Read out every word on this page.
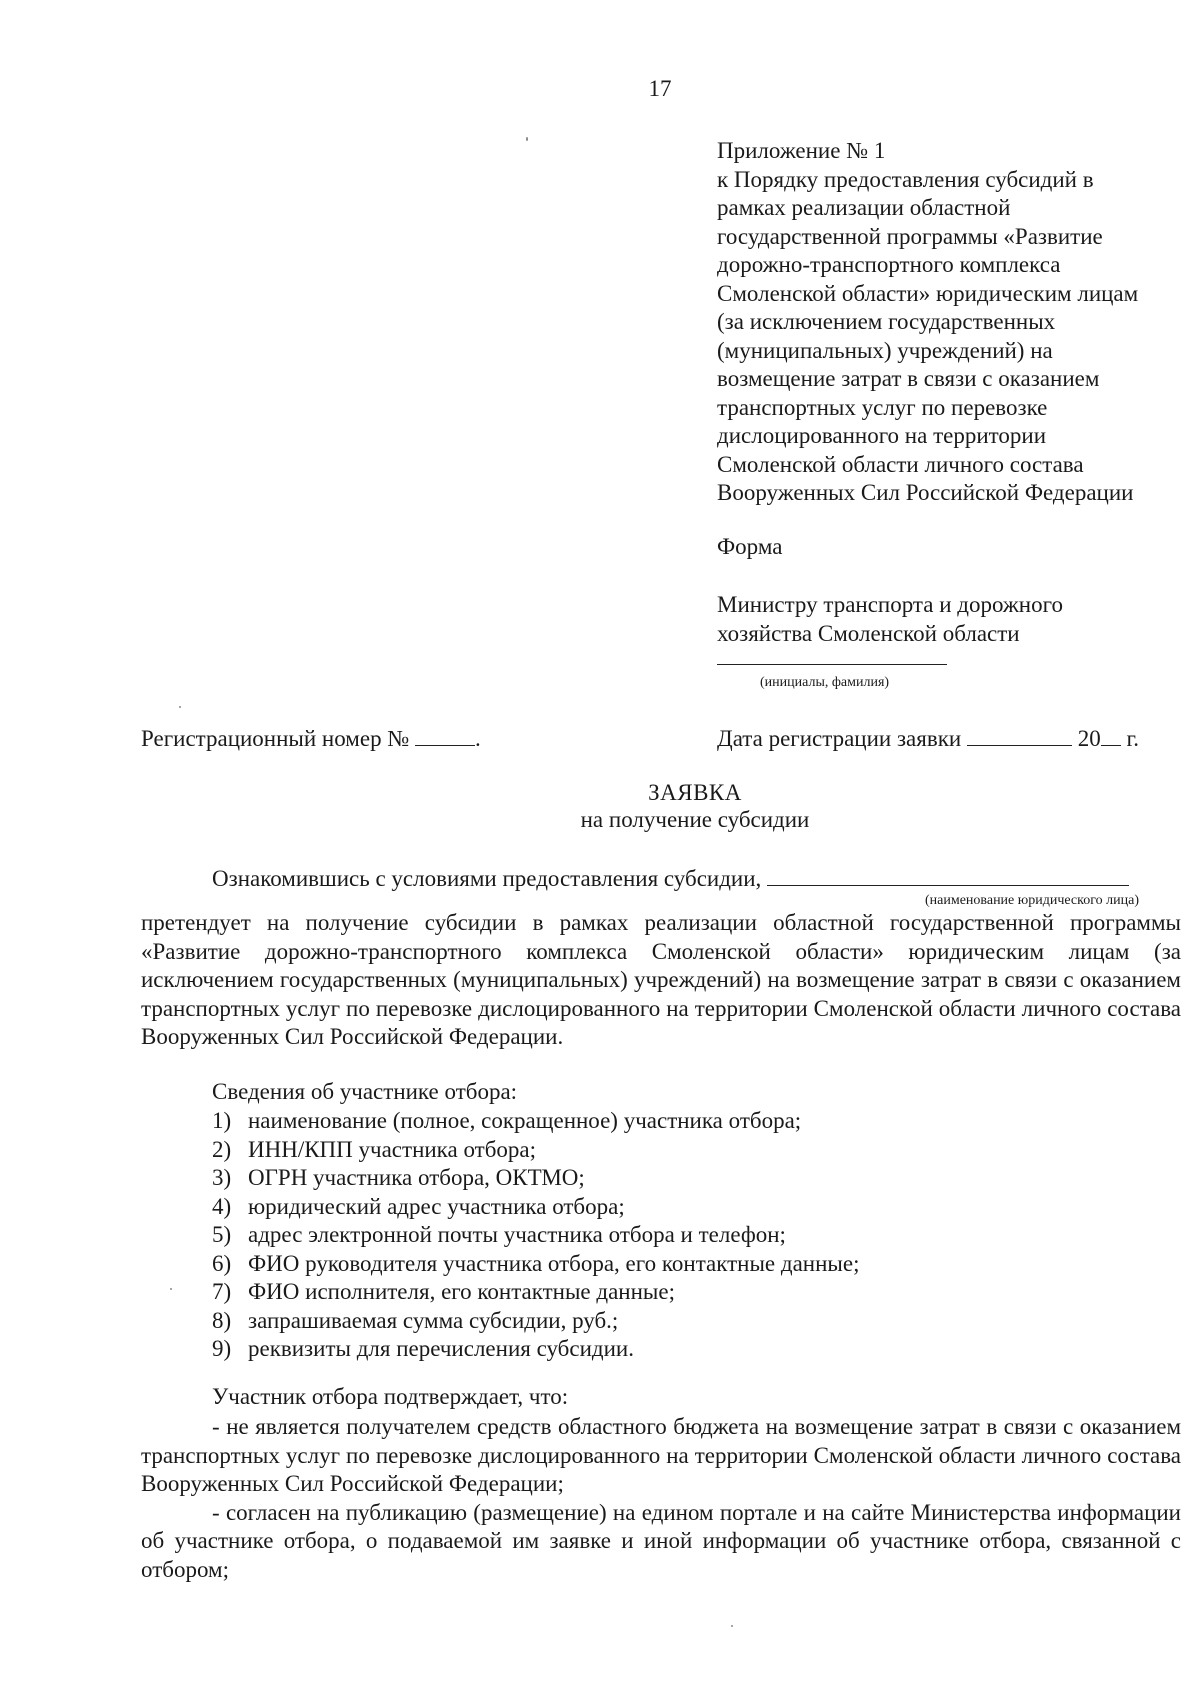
17
Приложение № 1
к Порядку предоставления субсидий в
рамках реализации областной
государственной программы «Развитие
дорожно-транспортного комплекса
Смоленской области» юридическим лицам
(за исключением государственных
(муниципальных) учреждений) на
возмещение затрат в связи с оказанием
транспортных услуг по перевозке
дислоцированного на территории
Смоленской области личного состава
Вооруженных Сил Российской Федерации
Форма
Министру транспорта и дорожного
хозяйства Смоленской области
(инициалы, фамилия)
Регистрационный номер №	.	Дата регистрации заявки	20 г.
ЗАЯВКА
на получение субсидии
Ознакомившись с условиями предоставления субсидии,
(наименование юридического лица)

претендует на получение субсидии в рамках реализации областной государственной программы «Развитие дорожно-транспортного комплекса Смоленской области» юридическим лицам (за исключением государственных (муниципальных) учреждений) на возмещение затрат в связи с оказанием транспортных услуг по перевозке дислоцированного на территории Смоленской области личного состава Вооруженных Сил Российской Федерации.

Сведения об участнике отбора:
1) наименование (полное, сокращенное) участника отбора;
2) ИНН/КПП участника отбора;
3) ОГРН участника отбора, ОКТМО;
4) юридический адрес участника отбора;
5) адрес электронной почты участника отбора и телефон;
6) ФИО руководителя участника отбора, его контактные данные;
7) ФИО исполнителя, его контактные данные;
8) запрашиваемая сумма субсидии, руб.;
9) реквизиты для перечисления субсидии.
Участник отбора подтверждает, что:

- не является получателем средств областного бюджета на возмещение затрат в связи с оказанием транспортных услуг по перевозке дислоцированного на территории Смоленской области личного состава Вооруженных Сил Российской Федерации;

- согласен на публикацию (размещение) на едином портале и на сайте Министерства информации об участнике отбора, о подаваемой им заявке и иной информации об участнике отбора, связанной с отбором;
